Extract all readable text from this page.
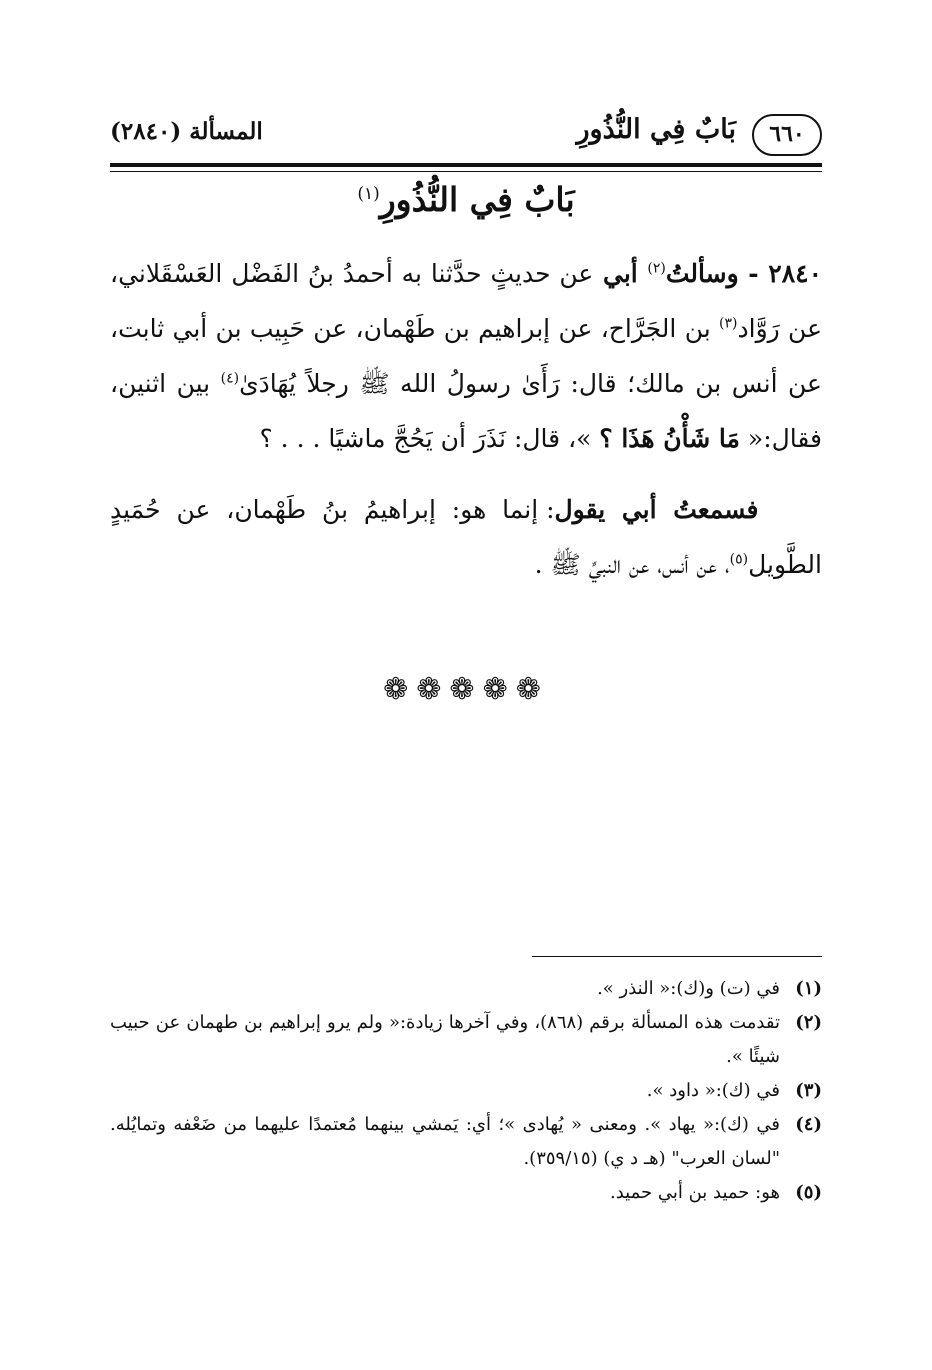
٦٦٠
بَابٌ فِي النُّذُورِ
المسألة (٢٨٤٠)
بَابٌ فِي النُّذُورِ$^{(١)}$

٢٨٤٠ - وسألتُ$^{(٢)}$ أبي عن حديثٍ حدَّثنا به أحمدُ بنُ الفَضْل العَسْقَلاني، عن رَوَّاد$^{(٣)}$ بن الجَرَّاح، عن إبراهيم بن طَهْمان، عن حَبِيب بن أبي ثابت، عن أنس بن مالك؛ قال: رَأَىٰ رسولُ الله ﷺ رجلاً يُهَادَىٰ$^{(٤)}$ بين اثنين، فقال:« مَا شَأْنُ هَذَا ؟ »، قال: نَذَرَ أن يَحُجَّ ماشيًا . . . ؟

فسمعتُ أبي يقول: إنما هو: إبراهيمُ بنُ طَهْمان، عن حُمَيدٍ الطَّويل$^{(٥)}$، عن أنس، عن النبيِّ ﷺ .

❁❁❁❁❁
(١)
في (ت) و(ك):« النذر ».
(٢)
تقدمت هذه المسألة برقم (٨٦٨)، وفي آخرها زيادة:« ولم يرو إبراهيم بن طهمان عن حبيب شيئًا ».
(٣)
في (ك):« داود ».
(٤)
في (ك):« يهاد ». ومعنى « يُهادى »؛ أي: يَمشي بينهما مُعتمدًا عليهما من ضَعْفه وتمايُله. "لسان العرب" (هـ د ي) (٣٥٩/١٥).
(٥)
هو: حميد بن أبي حميد.
